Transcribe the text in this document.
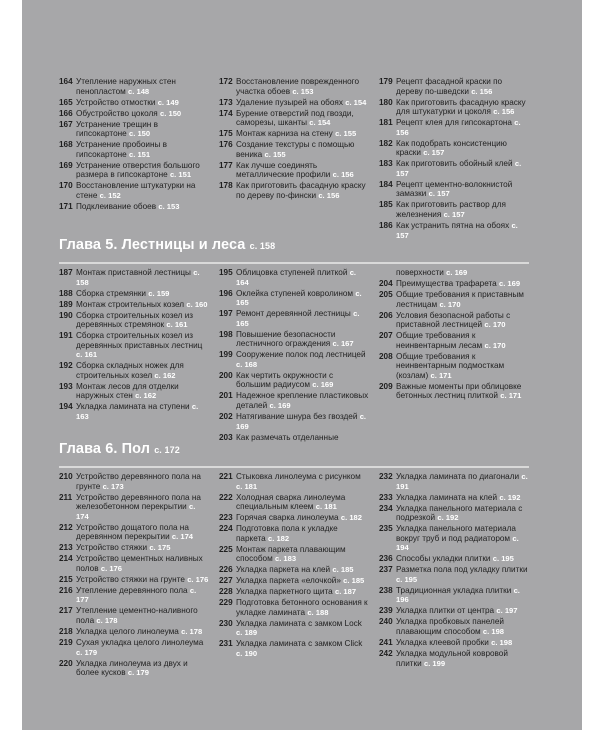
164 Утепление наружных стен пенопластом с. 148
165 Устройство отмостки с. 149
166 Обустройство цоколя с. 150
167 Устранение трещин в гипсокартоне с. 150
168 Устранение пробоины в гипсокартоне с. 151
169 Устранение отверстия большого размера в гипсокартоне с. 151
170 Восстановление штукатурки на стене с. 152
171 Подклеивание обоев с. 153
172 Восстановление поврежденного участка обоев с. 153
173 Удаление пузырей на обоях с. 154
174 Бурение отверстий под гвозди, саморезы, шканты с. 154
175 Монтаж карниза на стену с. 155
176 Создание текстуры с помощью веника с. 155
177 Как лучше соединять металлические профили с. 156
178 Как приготовить фасадную краску по дереву по-фински с. 156
179 Рецепт фасадной краски по дереву по-шведски с. 156
180 Как приготовить фасадную краску для штукатурки и цоколя с. 156
181 Рецепт клея для гипсокартона с. 156
182 Как подобрать консистенцию краски с. 157
183 Как приготовить обойный клей с. 157
184 Рецепт цементно-волокнистой замазки с. 157
185 Как приготовить раствор для железнения с. 157
186 Как устранить пятна на обоях с. 157
Глава 5. Лестницы и леса с. 158
187 Монтаж приставной лестницы с. 158
188 Сборка стремянки с. 159
189 Монтаж строительных козел с. 160
190 Сборка строительных козел из деревянных стремянок с. 161
191 Сборка строительных козел из деревянных приставных лестниц с. 161
192 Сборка складных ножек для строительных козел с. 162
193 Монтаж лесов для отделки наружных стен с. 162
194 Укладка ламината на ступени с. 163
195 Облицовка ступеней плиткой с. 164
196 Оклейка ступеней ковролином с. 165
197 Ремонт деревянной лестницы с. 165
198 Повышение безопасности лестничного ограждения с. 167
199 Сооружение полок под лестницей с. 168
200 Как чертить окружности с большим радиусом с. 169
201 Надежное крепление пластиковых деталей с. 169
202 Натягивание шнура без гвоздей с. 169
203 Как размечать отделанные
поверхности с. 169
204 Преимущества трафарета с. 169
205 Общие требования к приставным лестницам с. 170
206 Условия безопасной работы с приставной лестницей с. 170
207 Общие требования к неинвентарным лесам с. 170
208 Общие требования к неинвентарным подмосткам (козлам) с. 171
209 Важные моменты при облицовке бетонных лестниц плиткой с. 171
Глава 6. Пол с. 172
210 Устройство деревянного пола на грунте с. 173
211 Устройство деревянного пола на железобетонном перекрытии с. 174
212 Устройство дощатого пола на деревянном перекрытии с. 174
213 Устройство стяжки с. 175
214 Устройство цементных наливных полов с. 176
215 Устройство стяжки на грунте с. 176
216 Утепление деревянного пола с. 177
217 Утепление цементно-наливного пола с. 178
218 Укладка целого линолеума с. 178
219 Сухая укладка целого линолеума с. 179
220 Укладка линолеума из двух и более кусков с. 179
221 Стыковка линолеума с рисунком с. 181
222 Холодная сварка линолеума специальным клеем с. 181
223 Горячая сварка линолеума с. 182
224 Подготовка пола к укладке паркета с. 182
225 Монтаж паркета плавающим способом с. 183
226 Укладка паркета на клей с. 185
227 Укладка паркета «елочкой» с. 185
228 Укладка паркетного щита с. 187
229 Подготовка бетонного основания к укладке ламината с. 188
230 Укладка ламината с замком Lock с. 189
231 Укладка ламината с замком Click с. 190
232 Укладка ламината по диагонали с. 191
233 Укладка ламината на клей с. 192
234 Укладка панельного материала с подрезкой с. 192
235 Укладка панельного материала вокруг труб и под радиатором с. 194
236 Способы укладки плитки с. 195
237 Разметка пола под укладку плитки с. 195
238 Традиционная укладка плитки с. 196
239 Укладка плитки от центра с. 197
240 Укладка пробковых панелей плавающим способом с. 198
241 Укладка клеевой пробки с. 198
242 Укладка модульной ковровой плитки с. 199
